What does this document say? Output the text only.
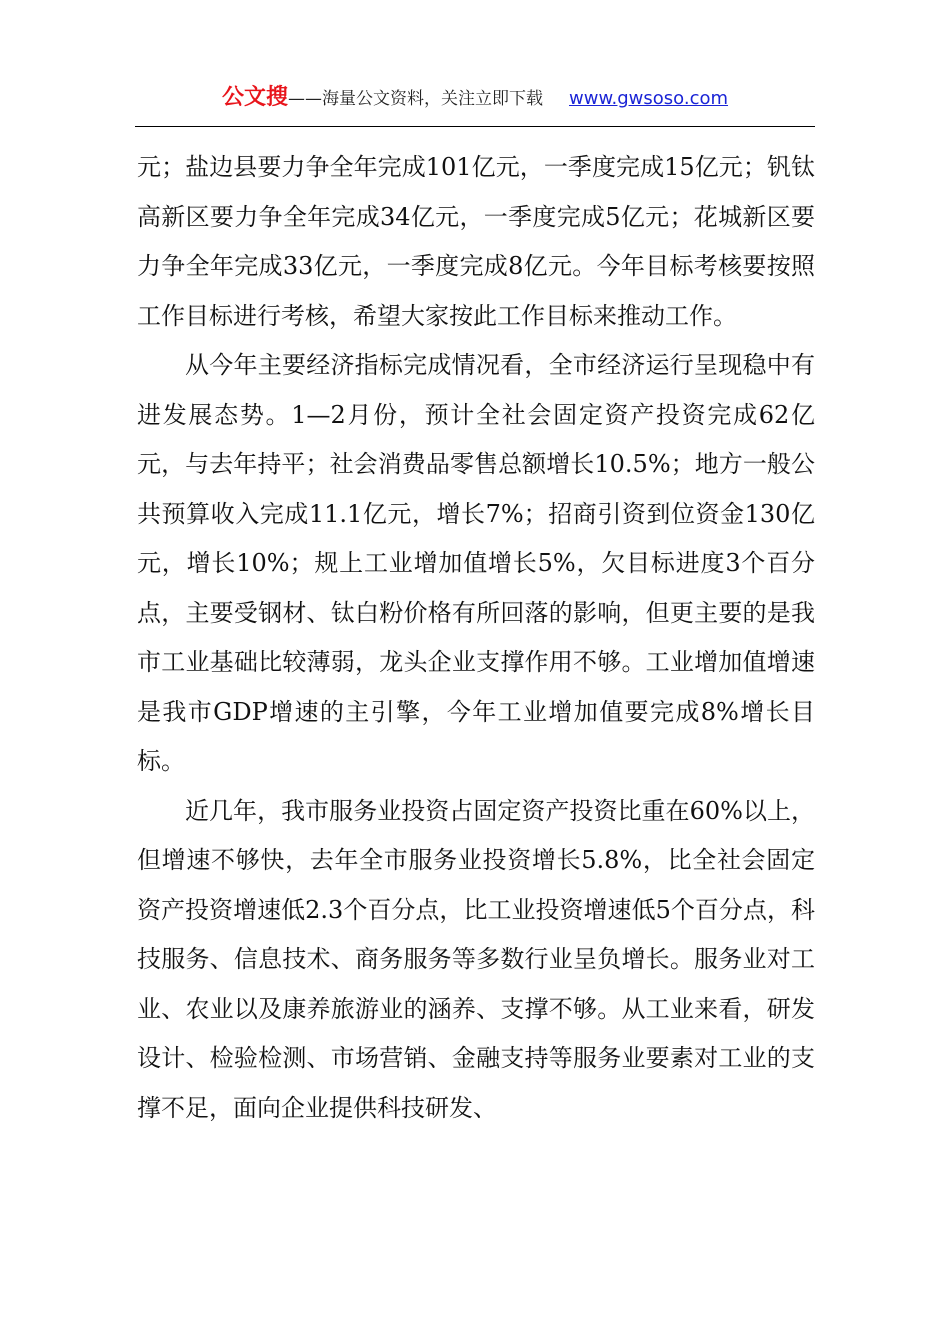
公文搜——海量公文资料，关注立即下载 www.gwsoso.com

元；盐边县要力争全年完成101亿元，一季度完成15亿元；钒钛高新区要力争全年完成34亿元，一季度完成5亿元；花城新区要力争全年完成33亿元，一季度完成8亿元。今年目标考核要按照工作目标进行考核，希望大家按此工作目标来推动工作。

从今年主要经济指标完成情况看，全市经济运行呈现稳中有进发展态势。1—2月份，预计全社会固定资产投资完成62亿元，与去年持平；社会消费品零售总额增长10.5%；地方一般公共预算收入完成11.1亿元，增长7%；招商引资到位资金130亿元，增长10%；规上工业增加值增长5%，欠目标进度3个百分点，主要受钢材、钛白粉价格有所回落的影响，但更主要的是我市工业基础比较薄弱，龙头企业支撑作用不够。工业增加值增速是我市GDP增速的主引擎，今年工业增加值要完成8%增长目标。

近几年，我市服务业投资占固定资产投资比重在60%以上，但增速不够快，去年全市服务业投资增长5.8%，比全社会固定资产投资增速低2.3个百分点，比工业投资增速低5个百分点，科技服务、信息技术、商务服务等多数行业呈负增长。服务业对工业、农业以及康养旅游业的涵养、支撑不够。从工业来看，研发设计、检验检测、市场营销、金融支持等服务业要素对工业的支撑不足，面向企业提供科技研发、
